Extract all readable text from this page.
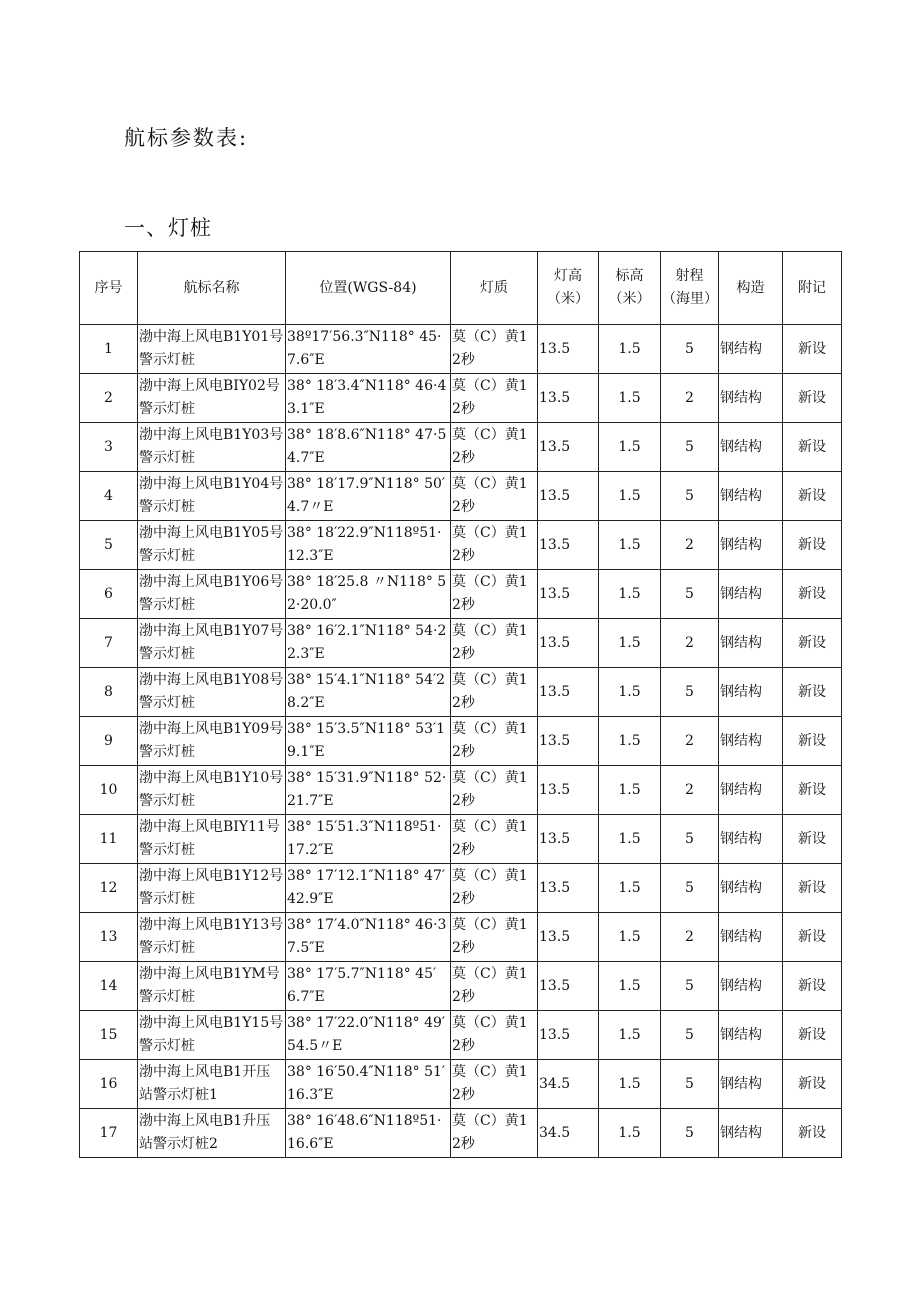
航标参数表:
一、灯桩
序号	航标名称	位置(WGS-84)	灯质	灯高（米）	标高（米）	射程（海里）	构造	附记
1	渤中海上风电B1Y01号警示灯桩	38º17′56.3″N118° 45·7.6″E	莫（C）黄12秒	13.5	1.5	5	钢结构	新设
2	渤中海上风电BIY02号警示灯桩	38° 18′3.4″N118° 46·43.1″E	莫（C）黄12秒	13.5	1.5	2	钢结构	新设
3	渤中海上风电B1Y03号警示灯桩	38° 18′8.6″N118° 47·54.7″E	莫（C）黄12秒	13.5	1.5	5	钢结构	新设
4	渤中海上风电B1Y04号警示灯桩	38° 18′17.9″N118° 50′4.7〃E	莫（C）黄12秒	13.5	1.5	5	钢结构	新设
5	渤中海上风电B1Y05号警示灯桩	38° 18′22.9″N118º51·12.3″E	莫（C）黄12秒	13.5	1.5	2	钢结构	新设
6	渤中海上风电B1Y06号警示灯桩	38° 18′25.8 〃N118° 52·20.0″	莫（C）黄12秒	13.5	1.5	5	钢结构	新设
7	渤中海上风电B1Y07号警示灯桩	38° 16′2.1″N118° 54·22.3″E	莫（C）黄12秒	13.5	1.5	2	钢结构	新设
8	渤中海上风电B1Y08号警示灯桩	38° 15′4.1″N118° 54′28.2″E	莫（C）黄12秒	13.5	1.5	5	钢结构	新设
9	渤中海上风电B1Y09号警示灯桩	38° 15′3.5″N118° 53′19.1″E	莫（C）黄12秒	13.5	1.5	2	钢结构	新设
10	渤中海上风电B1Y10号警示灯桩	38° 15′31.9″N118° 52·21.7″E	莫（C）黄12秒	13.5	1.5	2	钢结构	新设
11	渤中海上风电BIY11号警示灯桩	38° 15′51.3″N118º51·17.2″E	莫（C）黄12秒	13.5	1.5	5	钢结构	新设
12	渤中海上风电B1Y12号警示灯桩	38° 17′12.1″N118° 47′42.9″E	莫（C）黄12秒	13.5	1.5	5	钢结构	新设
13	渤中海上风电B1Y13号警示灯桩	38° 17′4.0″N118° 46·37.5″E	莫（C）黄12秒	13.5	1.5	2	钢结构	新设
14	渤中海上风电B1YM号警示灯桩	38° 17′5.7″N118° 45′6.7″E	莫（C）黄12秒	13.5	1.5	5	钢结构	新设
15	渤中海上风电B1Y15号警示灯桩	38° 17′22.0″N118° 49′54.5〃E	莫（C）黄12秒	13.5	1.5	5	钢结构	新设
16	渤中海上风电B1开压站警示灯桩1	38° 16′50.4″N118° 51′16.3″E	莫（C）黄12秒	34.5	1.5	5	钢结构	新设
17	渤中海上风电B1升压站警示灯桩2	38° 16′48.6″N118º51·16.6″E	莫（C）黄12秒	34.5	1.5	5	钢结构	新设
